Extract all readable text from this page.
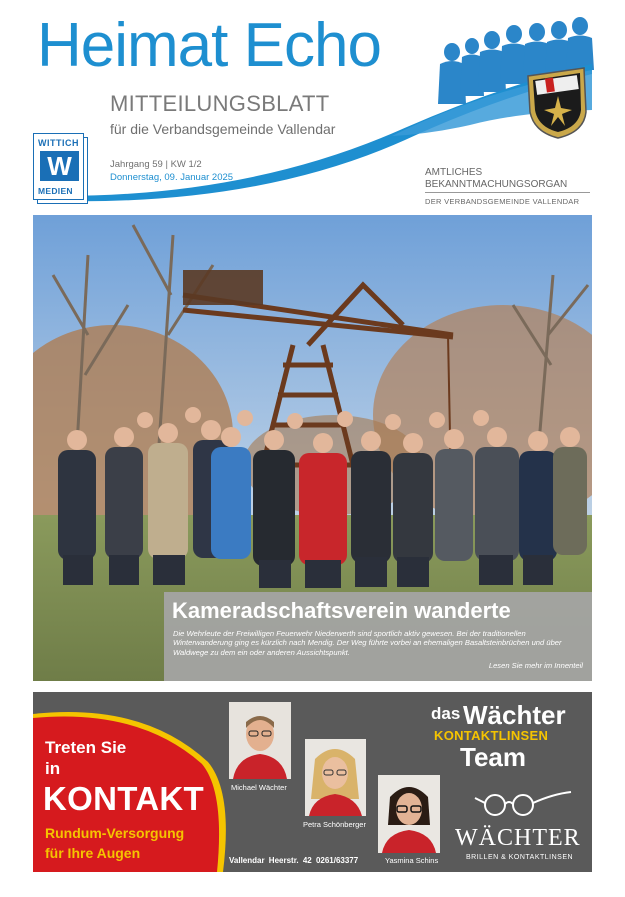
Heimat Echo
MITTEILUNGSBLATT
für die Verbandsgemeinde Vallendar
Jahrgang 59 | KW 1/2
Donnerstag, 09. Januar 2025	AMTLICHES
BEKANNTMACHUNGSORGAN
DER VERBANDSGEMEINDE VALLENDAR
WITTICH
W
MEDIEN
Kameradschaftsverein wanderte
Die Wehrleute der Freiwilligen Feuerwehr Niederwerth sind sportlich aktiv gewesen. Bei der traditionellen Winterwanderung ging es kürzlich nach Mendig. Der Weg führte vorbei an ehemaligen Basaltsteinbrüchen und über Waldwege zu dem ein oder anderen Aussichtspunkt.
Lesen Sie mehr im Innenteil
Treten Sie
in
KONTAKT
Rundum-Versorgung
für Ihre Augen
Michael Wächter
Petra Schönberger
Yasmina Schins
Vallendar Heerstr. 42 0261/63377
das Wächter
KONTAKTLINSEN
Team
WÄCHTER
BRILLEN & KONTAKTLINSEN
